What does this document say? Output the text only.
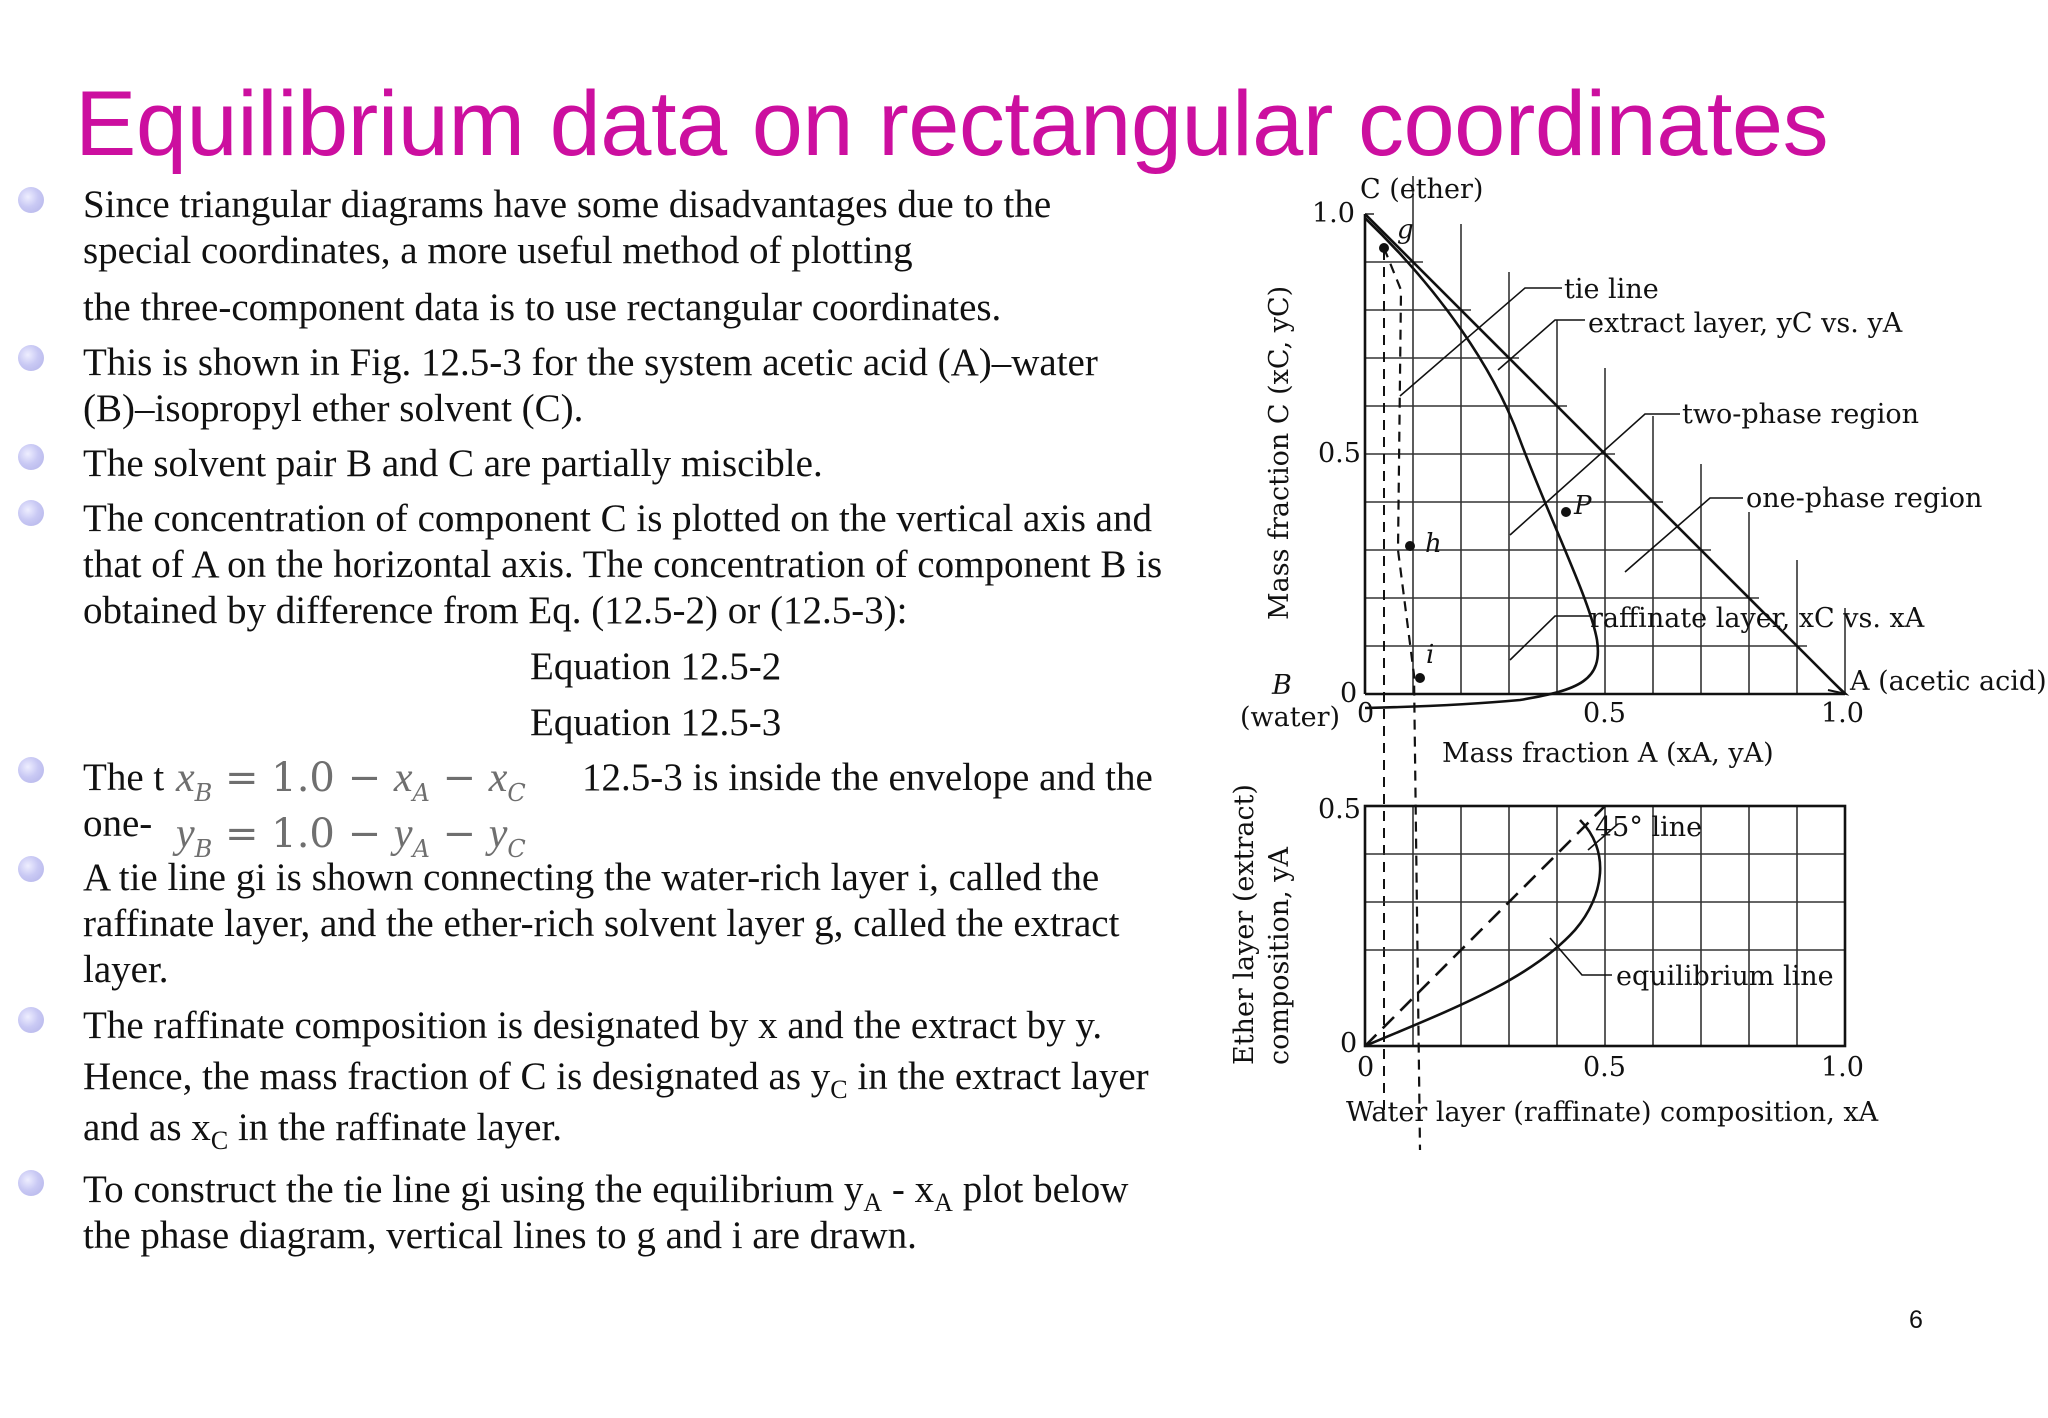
Equilibrium data on rectangular coordinates
Since triangular diagrams have some disadvantages due to the
special coordinates, a more useful method of plotting
the three-component data is to use rectangular coordinates.
This is shown in Fig. 12.5-3 for the system acetic acid (A)–water
(B)–isopropyl ether solvent (C).
The solvent pair B and C are partially miscible.
The concentration of component C is plotted on the vertical axis and
that of A on the horizontal axis. The concentration of component B is
obtained by difference from Eq. (12.5-2) or (12.5-3):
Equation 12.5-2
Equation 12.5-3
The t	12.5-3 is inside the envelope and the
one-
$x_B = 1.0 - x_A - x_C$
$y_B = 1.0 - y_A - y_C$
A tie line gi is shown connecting the water-rich layer i, called the
raffinate layer, and the ether-rich solvent layer g, called the extract
layer.
The raffinate composition is designated by x and the extract by y.
Hence, the mass fraction of C is designated as $y_C$ in the extract layer
and as $x_C$ in the raffinate layer.
To construct the tie line gi using the equilibrium $y_A - x_A$ plot below
the phase diagram, vertical lines to g and i are drawn.
6
tie line
extract layer, yC vs. yA
two-phase region
one-phase region
raffinate layer, xC vs. xA
g
h
i
P
C (ether)
1.0
0.5
0
0	0.5	1.0
B
(water)
A (acetic acid)
Mass fraction A (xA, yA)
Mass fraction C (xC, yC)
45° line
equilibrium line
0.5
0
0	0.5	1.0
Water layer (raffinate) composition, xA
Ether layer (extract) composition, yA
